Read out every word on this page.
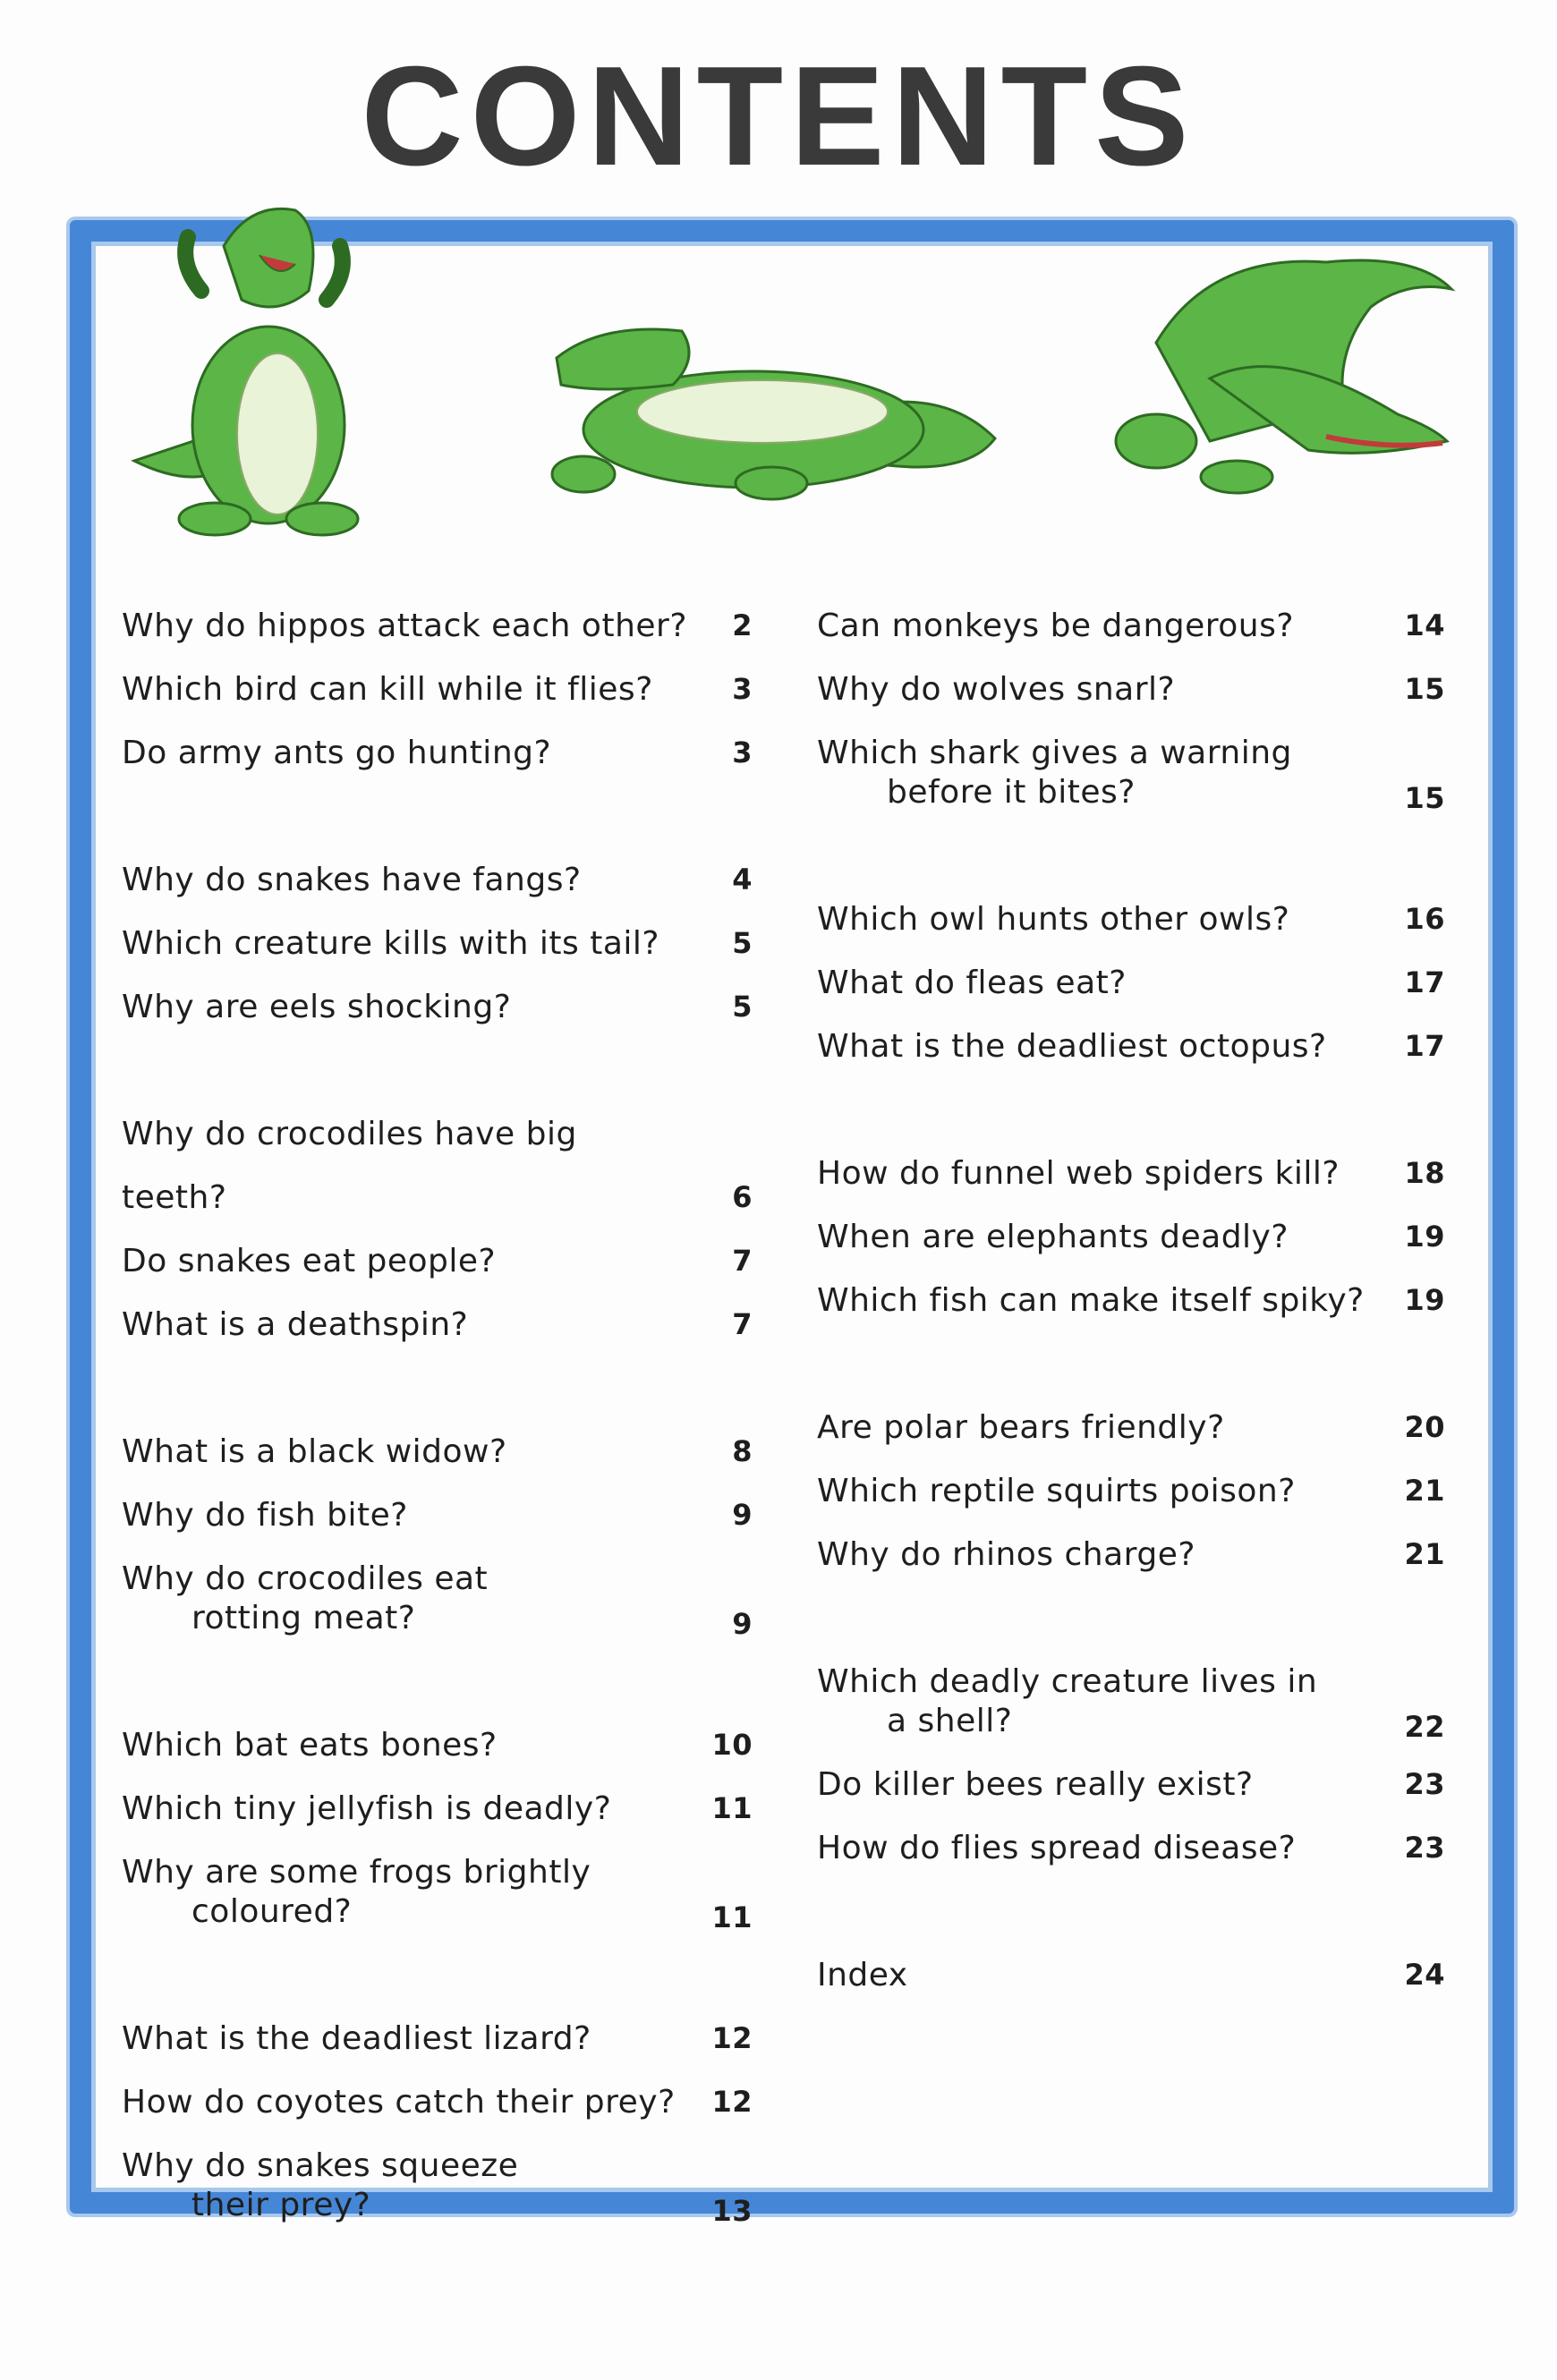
CONTENTS
Why do hippos attack each other?	2
Which bird can kill while it flies?	3
Do army ants go hunting?	3
Why do snakes have fangs?	4
Which creature kills with its tail?	5
Why are eels shocking?	5
Why do crocodiles have big teeth?	6
Do snakes eat people?	7
What is a deathspin?	7
What is a black widow?	8
Why do fish bite?	9
Why do crocodiles eat
rotting meat?	9
Which bat eats bones?	10
Which tiny jellyfish is deadly?	11
Why are some frogs brightly
coloured?	11
What is the deadliest lizard?	12
How do coyotes catch their prey?	12
Why do snakes squeeze
their prey?	13
Can monkeys be dangerous?	14
Why do wolves snarl?	15
Which shark gives a warning
before it bites?	15
Which owl hunts other owls?	16
What do fleas eat?	17
What is the deadliest octopus?	17
How do funnel web spiders kill?	18
When are elephants deadly?	19
Which fish can make itself spiky?	19
Are polar bears friendly?	20
Which reptile squirts poison?	21
Why do rhinos charge?	21
Which deadly creature lives in
a shell?	22
Do killer bees really exist?	23
How do flies spread disease?	23
Index	24
